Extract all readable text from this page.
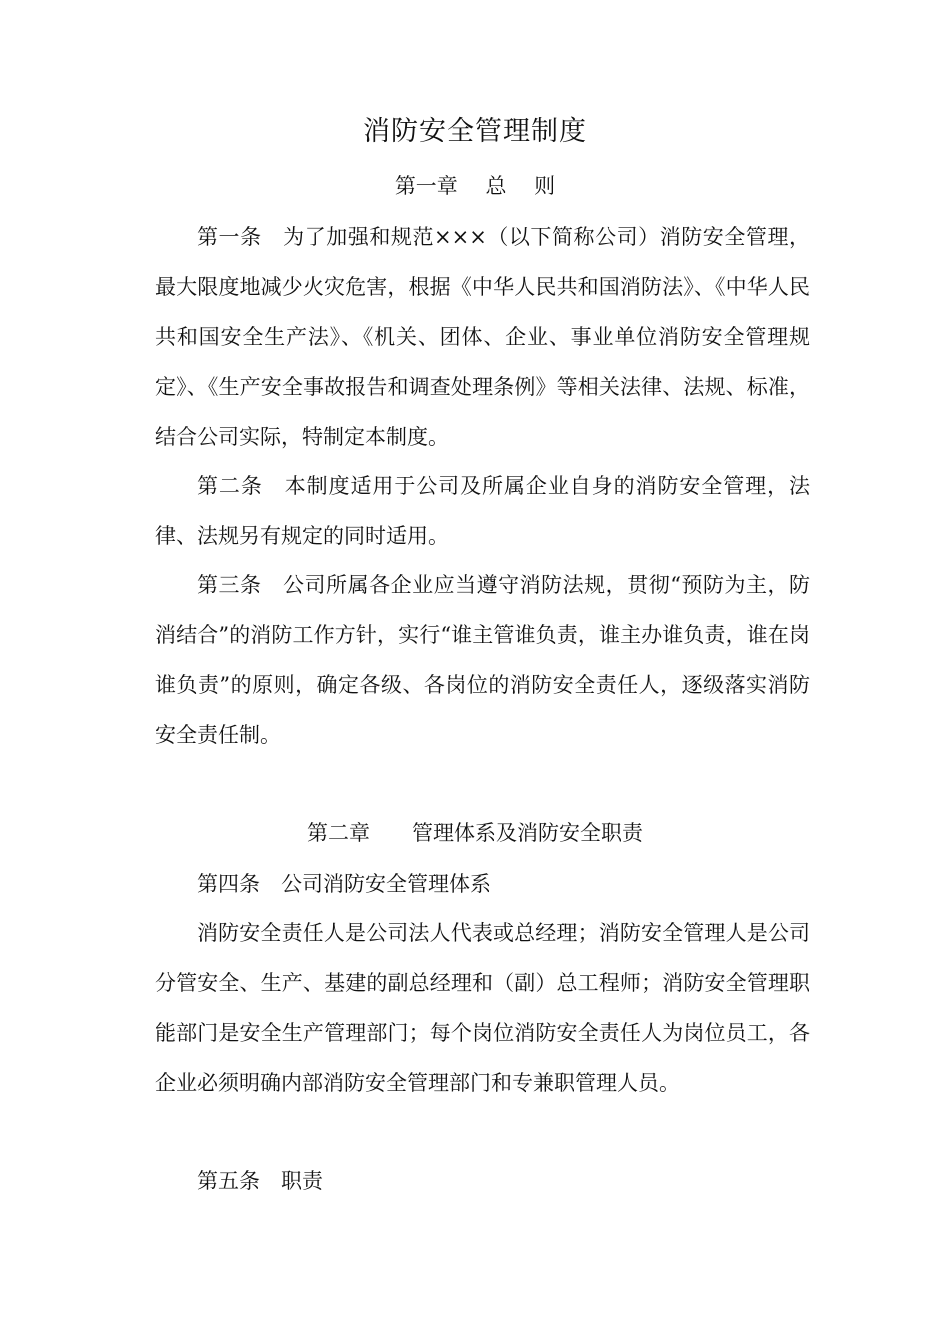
消防安全管理制度
第一章　 总　 则
第一条　为了加强和规范×××（以下简称公司）消防安全管理，最大限度地减少火灾危害，根据《中华人民共和国消防法》、《中华人民共和国安全生产法》、《机关、团体、企业、事业单位消防安全管理规定》、《生产安全事故报告和调查处理条例》等相关法律、法规、标准，结合公司实际，特制定本制度。
第二条　本制度适用于公司及所属企业自身的消防安全管理，法律、法规另有规定的同时适用。
第三条　公司所属各企业应当遵守消防法规，贯彻“预防为主，防消结合”的消防工作方针，实行“谁主管谁负责，谁主办谁负责，谁在岗谁负责”的原则，确定各级、各岗位的消防安全责任人，逐级落实消防安全责任制。
第二章　　管理体系及消防安全职责
第四条　公司消防安全管理体系
消防安全责任人是公司法人代表或总经理；消防安全管理人是公司分管安全、生产、基建的副总经理和（副）总工程师；消防安全管理职能部门是安全生产管理部门；每个岗位消防安全责任人为岗位员工，各企业必须明确内部消防安全管理部门和专兼职管理人员。
第五条　职责
